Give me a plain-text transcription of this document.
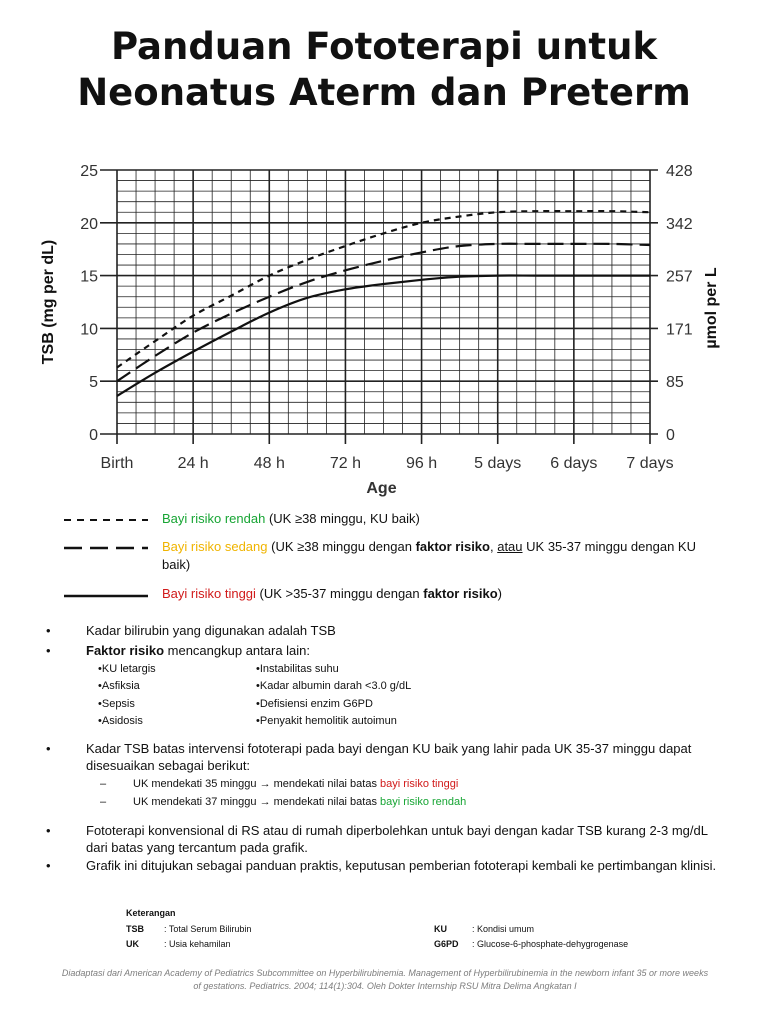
Panduan Fototerapi untuk
Neonatus Aterm dan Preterm
0
5
10
15
20
25
0
85
171
257
342
428
Birth	24 h	48 h	72 h	96 h 5 days 6 days 7 days
Age
TSB (mg per dL)	µmol per L
Bayi risiko rendah (UK ≥38 minggu, KU baik)
Bayi risiko sedang (UK ≥38 minggu dengan faktor risiko, atau UK 35-37 minggu dengan KU baik)
Bayi risiko tinggi (UK >35-37 minggu dengan faktor risiko)
•	Kadar bilirubin yang digunakan adalah TSB
•	Faktor risiko mencangkup antara lain:
• KU letargis
• Asfiksia
• Sepsis
• Asidosis
• Instabilitas suhu
• Kadar albumin darah <3.0 g/dL
• Defisiensi enzim G6PD
• Penyakit hemolitik autoimun
•	Kadar TSB batas intervensi fototerapi pada bayi dengan KU baik yang lahir pada UK 35-37 minggu dapat disesuaikan sebagai berikut:
– UK mendekati 35 minggu → mendekati nilai batas bayi risiko tinggi
– UK mendekati 37 minggu → mendekati nilai batas bayi risiko rendah
•	Fototerapi konvensional di RS atau di rumah diperbolehkan untuk bayi dengan kadar TSB kurang 2-3 mg/dL dari batas yang tercantum pada grafik.
•	Grafik ini ditujukan sebagai panduan praktis, keputusan pemberian fototerapi kembali ke pertimbangan klinisi.
Keterangan
TSB : Total Serum Bilirubin
UK	: Usia kehamilan
KU	: Kondisi umum
G6PD : Glucose-6-phosphate-dehygrogenase
Diadaptasi dari American Academy of Pediatrics Subcommittee on Hyperbilirubinemia. Management of Hyperbilirubinemia in the newborn infant 35 or more weeks of gestations. Pediatrics. 2004; 114(1):304. Oleh Dokter Internship RSU Mitra Delima Angkatan I
